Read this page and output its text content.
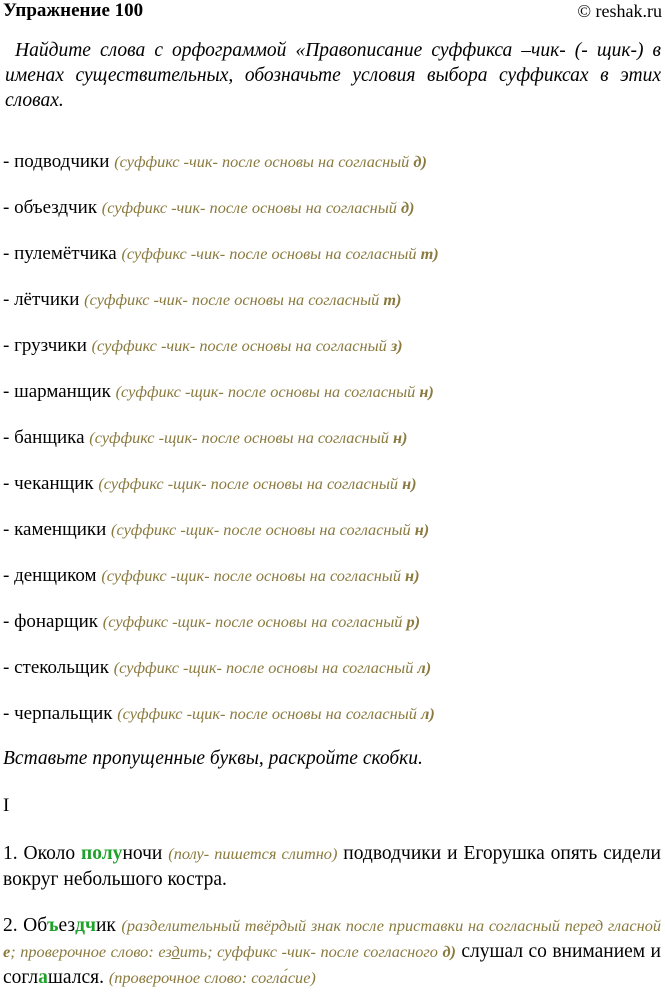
Упражнение 100	© reshak.ru
Найдите слова с орфограммой «Правописание суффикса –чик- (- щик-) в именах существительных, обозначьте условия выбора суффиксах в этих словах.
- подводчики (суффикс -чик- после основы на согласный д)
- объездчик (суффикс -чик- после основы на согласный д)
- пулемётчика (суффикс -чик- после основы на согласный т)
- лётчики (суффикс -чик- после основы на согласный т)
- грузчики (суффикс -чик- после основы на согласный з)
- шарманщик (суффикс -щик- после основы на согласный н)
- банщика (суффикс -щик- после основы на согласный н)
- чеканщик (суффикс -щик- после основы на согласный н)
- каменщики (суффикс -щик- после основы на согласный н)
- денщиком (суффикс -щик- после основы на согласный н)
- фонарщик (суффикс -щик- после основы на согласный р)
- стекольщик (суффикс -щик- после основы на согласный л)
- черпальщик (суффикс -щик- после основы на согласный л)
Вставьте пропущенные буквы, раскройте скобки.
I
1. Около полуночи (полу- пишется слитно) подводчики и Егорушка опять сидели вокруг небольшого костра.
2. Объездчик (разделительный твёрдый знак после приставки на согласный перед гласной е; проверочное слово: ездить; суффикс -чик- после согласного д) слушал со вниманием и соглашался. (проверочное слово: согла́сие)
